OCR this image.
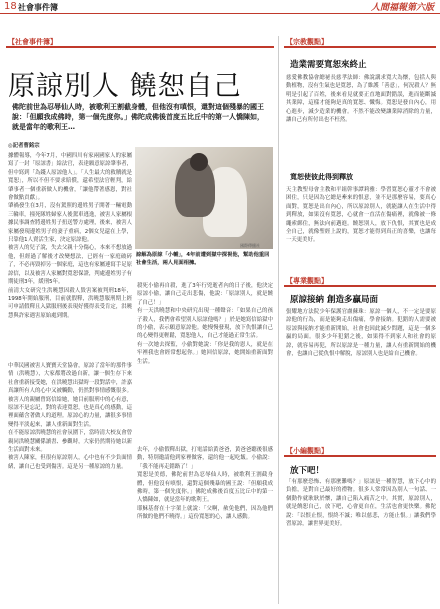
18 社會事件簿	人間福報第六版
【社會事件簿】
原諒別人 饒恕自己
佛陀前世為忍辱仙人時，被歌利王割截身體，但他沒有嗔恨，還對這個殘暴的國王說：「但願我成佛時，第一個先度你。」佛陀成佛後首度五比丘中的第一人憍陳如，就是當年的歌利王…
◎記者曹銘宗
據體報導，今年7月，中國四川有家兩國家人的家屬寫了一封「原諒書」給法官，表達願意原諒肇事者，但中寫到「為錢人原諒他人」。「人生最大的救贖就是寬恕」，所以不但不要求賠償，還希望法官輕判，給肇事者一個重新做人的機會，「讓他帶著感恩，對社會做點貢獻」。
肇禍發生在3月，沒有駕照的邊姓男子開著一輛電動三輪車，撞死隊姓婦家人後駕車逃逸，被害人家屬根據民事調查將邊姓男子扭送警方處理，後來，被害人家屬發現邊姓男子的妻子重病，2個女兒還在上學，只靠他1人賣活生家，決定原諒他。
被害人的兒子說，失去父親十分傷心，本來不想放過他，但經過了解後才改變想法，已經有一家庭破碎了，不必再毀掉另一個家庭，這也有家屬連寫手足原諒信，以及被害人家屬對寬恕保證，判處邊姓男子有期徒刑3年，緩刑5年。
前清大女研究生洪曉慧因殺人毀害案被判刑18年，1998年開始服刑，目前就假釋，洪曉慧服刑期上經可申請假釋且入獄服刑後表現好獲得表受肯定，洪曉慧與許家遇害原始處到期。
中華民國被害人寶寶天堂協會，原諒了當年的那件事情（洪曉慧），大家都將改過自新，讓一個生存下來社會重新接受她，在洪曉慧出獄時一段對話中，許嘉真讓所有人的心中又被觸動，仍然對事情感慨很多。
被害人的親屬曾寫信給她，她目前服刑中的心有意，原諒不是忘記，對的表達寬恕，也是真心的感動，這裡面蘊含著做人的道理。原諒心的力量，讓很多事情變得平淡起來，讓人重新面對生活。
在不能原諒洪曉慧的社會氛圍下，當時清大校友會曾親同洪曉慧關係讀書、參觀時，大家仍然期待她以新生活面對未來。
被害人陳家，但很有原諒別人，心中也有不少負面情緒，讓自己也受到傷害。這是另一種原諒的力量。
國際傳播社
諒解為原諒「小輔」，4年前遭到獄中探視他，幫助他重回社會生活，兩人見面相擁。
殺死小偷再自殺，進了3年行兇逝者內的日子後，他決定原諒小偷，讓自己走出悲傷，他說：「原諒別人，就是饒了自己！」
有一天洪曉慧和中央研究出現一種聲音：「如果自己的孩子殺人，我們會希望別人原諒他嗎？」於是她寫信給獄中的小偷，表示願意原諒他。她慢慢發現，放下仇恨讓自己的心變得更輕鬆，寬恕他人，自己才能過正常生活。
有一次她去探監，小偷對她說：「你是我的恩人，就是在牢裡我也會經常想起你。」她回信原諒，她開始重新面對生活。
去年，小偷假釋出獄，打電話給黃爸爸，黃爸爸聽後很感動，特別邀請他到家裡做客，還約他一起吃飯。小偷說：「我不能再走錯路了！」
寬恕是美德，佛陀前世為忍辱仙人時，被歌利王割截身體，但他沒有嗔恨，還對這個殘暴的國王說：「但願我成佛時，第一個先度你。」佛陀成佛後首度五比丘中的第一人憍陳如，就是當年的歌利王。
耶穌基督在十字架上就說：「父啊，赦免他們，因為他們所做的他們不曉得。」這份寬恕的心，讓人感動。
【宗教觀點】
造業需要寬恕來終止
慈愛佛教協會總祕長慈孝法師：佛說講求寬大為懷，包括人與動植物，沒有生氣也是寬恕，為了維護「善意」，何況殺人？無明是引起了百姓，後來看見就要正直地面對錯誤，進而能斷滅其業障，這樣才能夠是真的寬恕、懺悔。寬恕是發自內心，用心進步，減少造業的機會。不然不能改變讓業障消除的力量，讓自己有所付出也不枉然。
寬恕使彼此得到釋放
天主教聖母會主教和平組幹事譚莉雅：學習寬恕心靈才不會被困住，只是因為它總是牽來的恨意，並不是那麼容易，要真心面對，寬恕是出自內心，所以原諒別人，就能讓人在生活中得到釋放，如果沒有寬恕，心就會一直活在傷痛裡，就像被一條繩索綁住，無法向前邁進。饒恕別人，放下仇恨，其實也是成全自己，就像聖經上說的，寬恕才能得到真正的喜樂，也讓每一天更美好。
【專業觀點】
原諒接納 創造多贏局面
張耀地方法院少年保護官盧蘇珠：原諒一個人，不一定是要原諒他的行為，而是能夠走出傷痛，學會接納。犯錯的人需要被原諒與接納才能重新開始，社會也因此減少問題，這是一個多贏的局面。很多少年犯錯之後，如果得不到家人和社會的原諒，就容易再犯，所以原諒是一種力量，讓人有重新開始的機會，也讓自己從仇恨中解脫，原諒別人也是給自己機會。
【小編觀點】
放下吧！
「有那麼恐怖、有那麼難嗎？」原諒是一種智慧，放下心中的負擔，是對自己最好的禮物。很多人常常因為別人一句話、一個動作就耿耿於懷，讓自己陷入痛苦之中。其實，原諒別人，就是饒恕自己，放下吧，心會更自在，生活也會更快樂。佛陀說：「以恨止恨，恨終不滅；唯以慈悲，方能止恨。」讓我們學習原諒，讓世界更美好。
